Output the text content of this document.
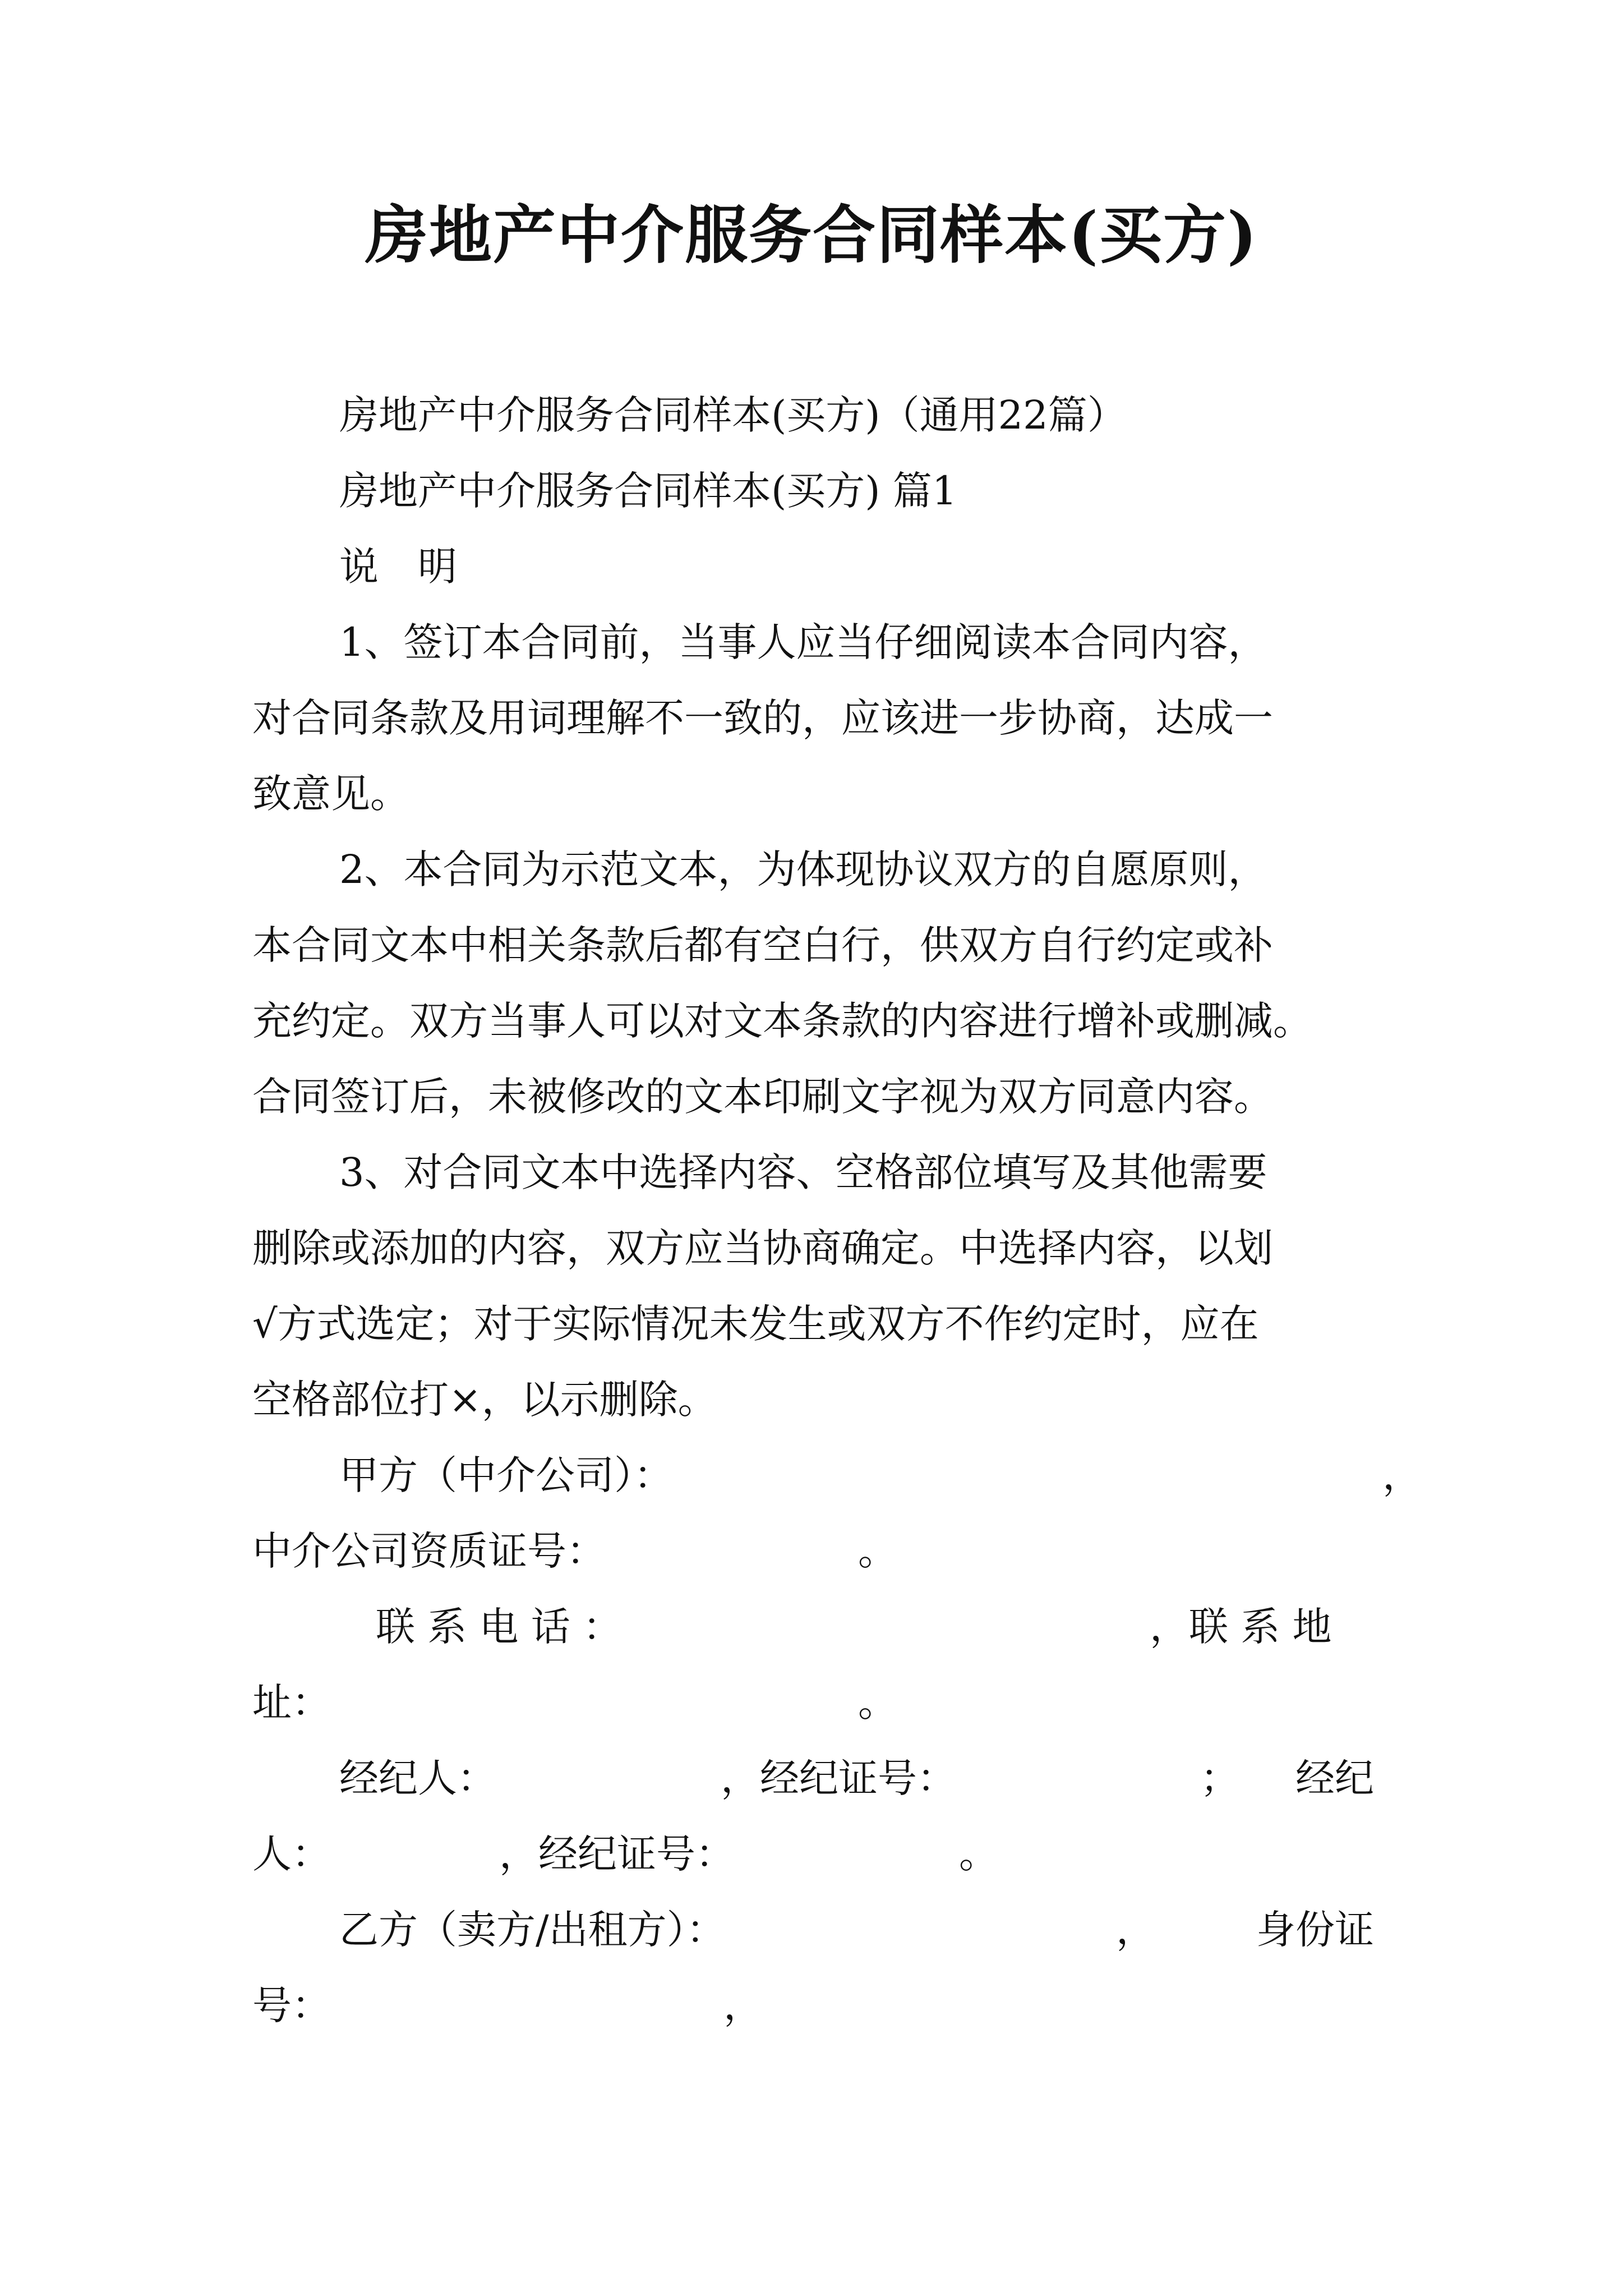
房地产中介服务合同样本(买方)
房地产中介服务合同样本(买方)（通用22篇）
房地产中介服务合同样本(买方) 篇1
说　明
1、签订本合同前，当事人应当仔细阅读本合同内容，
对合同条款及用词理解不一致的，应该进一步协商，达成一
致意见。
2、本合同为示范文本，为体现协议双方的自愿原则，
本合同文本中相关条款后都有空白行，供双方自行约定或补
充约定。双方当事人可以对文本条款的内容进行增补或删减。
合同签订后，未被修改的文本印刷文字视为双方同意内容。
3、对合同文本中选择内容、空格部位填写及其他需要
删除或添加的内容，双方应当协商确定。中选择内容，以划
√方式选定；对于实际情况未发生或双方不作约定时，应在
空格部位打×，以示删除。
甲方（中介公司）：	，
中介公司资质证号：	。
联 系 电 话 ：	，联 系 地
址：	。
经纪人：	，经纪证号：	； 经纪
人：	，经纪证号：	。
乙方（卖方/出租方）：	，	身份证
号：	，
